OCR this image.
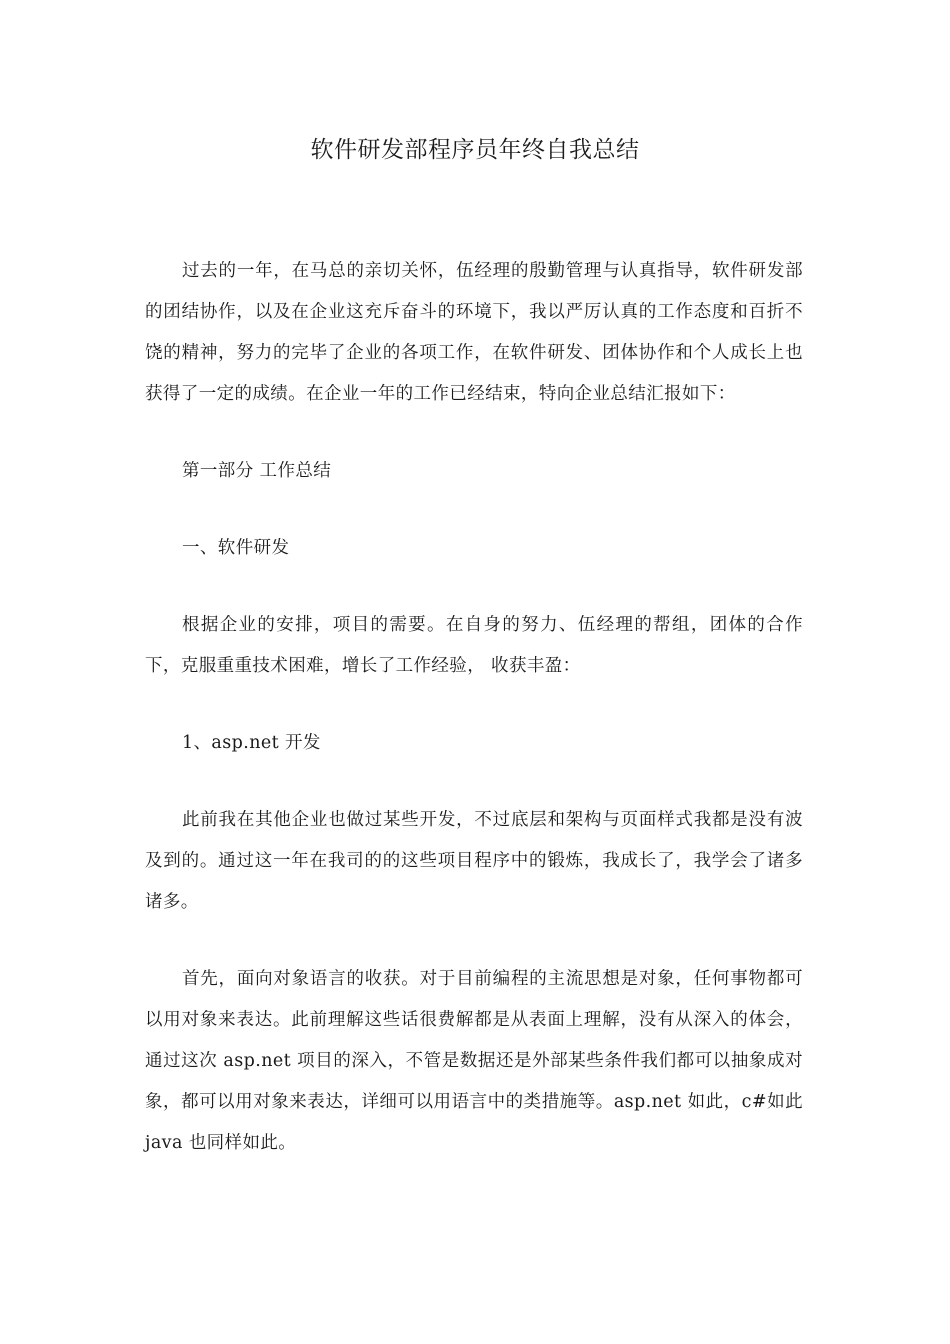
软件研发部程序员年终自我总结

过去的一年，在马总的亲切关怀，伍经理的殷勤管理与认真指导，软件研发部的团结协作，以及在企业这充斥奋斗的环境下，我以严厉认真的工作态度和百折不饶的精神，努力的完毕了企业的各项工作，在软件研发、团体协作和个人成长上也获得了一定的成绩。在企业一年的工作已经结束，特向企业总结汇报如下：

第一部分 工作总结

一、软件研发

根据企业的安排，项目的需要。在自身的努力、伍经理的帮组，团体的合作下，克服重重技术困难，增长了工作经验， 收获丰盈：

1、asp.net 开发

此前我在其他企业也做过某些开发，不过底层和架构与页面样式我都是没有波及到的。通过这一年在我司的的这些项目程序中的锻炼，我成长了，我学会了诸多诸多。

首先，面向对象语言的收获。对于目前编程的主流思想是对象，任何事物都可以用对象来表达。此前理解这些话很费解都是从表面上理解，没有从深入的体会，通过这次 asp.net 项目的深入，不管是数据还是外部某些条件我们都可以抽象成对象，都可以用对象来表达，详细可以用语言中的类措施等。asp.net 如此，c#如此 java 也同样如此。
